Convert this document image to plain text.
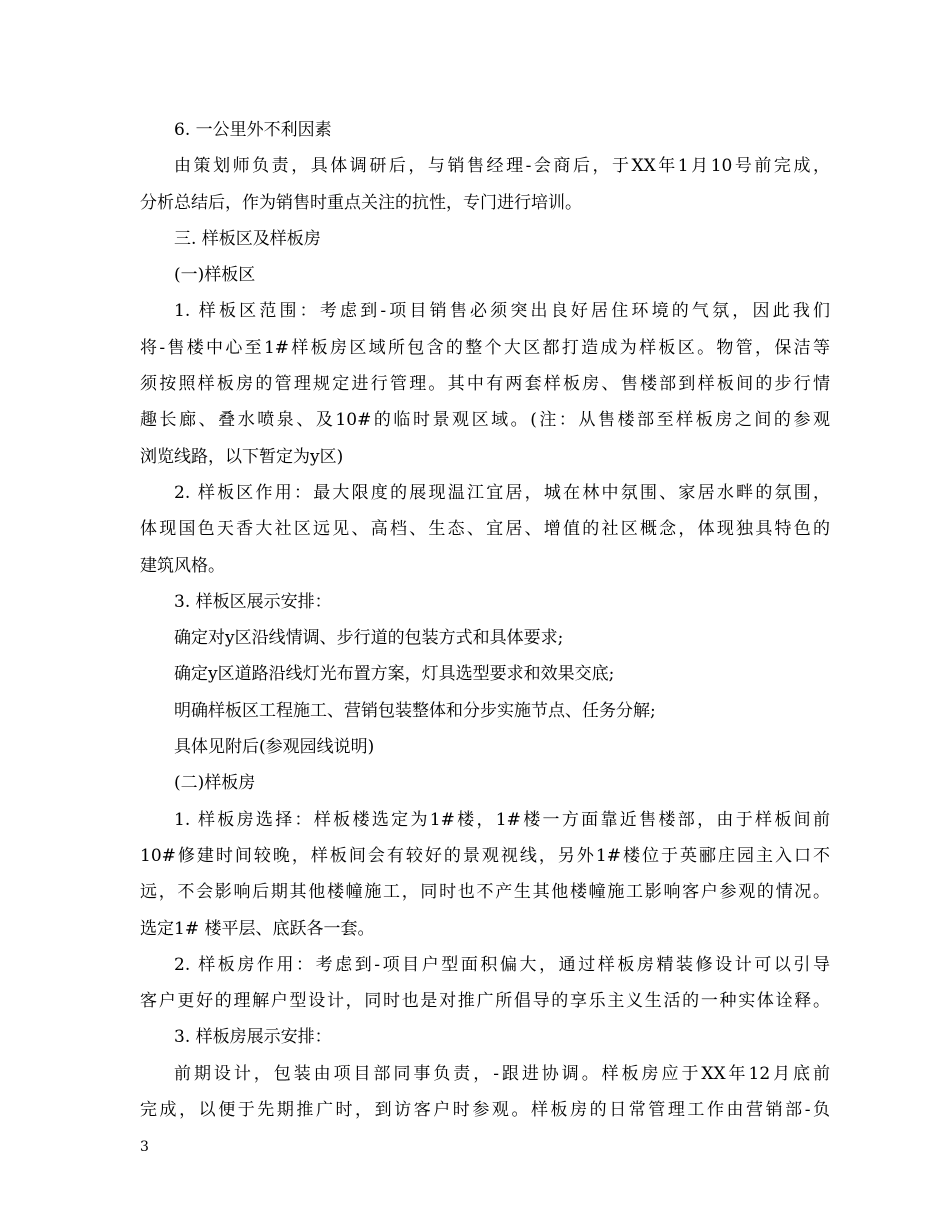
6. 一公里外不利因素
由策划师负责，具体调研后，与销售经理-会商后，于XX年1月10号前完成，
分析总结后，作为销售时重点关注的抗性，专门进行培训。
三. 样板区及样板房
(一)样板区
1. 样板区范围：考虑到-项目销售必须突出良好居住环境的气氛，因此我们
将-售楼中心至1#样板房区域所包含的整个大区都打造成为样板区。物管，保洁等
须按照样板房的管理规定进行管理。其中有两套样板房、售楼部到样板间的步行情
趣长廊、叠水喷泉、及10#的临时景观区域。(注：从售楼部至样板房之间的参观
浏览线路，以下暂定为y区)
2. 样板区作用：最大限度的展现温江宜居，城在林中氛围、家居水畔的氛围，
体现国色天香大社区远见、高档、生态、宜居、增值的社区概念，体现独具特色的
建筑风格。
3. 样板区展示安排：
确定对y区沿线情调、步行道的包装方式和具体要求;
确定y区道路沿线灯光布置方案，灯具选型要求和效果交底;
明确样板区工程施工、营销包装整体和分步实施节点、任务分解;
具体见附后(参观园线说明)
(二)样板房
1. 样板房选择：样板楼选定为1#楼，1#楼一方面靠近售楼部，由于样板间前
10#修建时间较晚，样板间会有较好的景观视线，另外1#楼位于英郦庄园主入口不
远，不会影响后期其他楼幢施工，同时也不产生其他楼幢施工影响客户参观的情况。
选定1# 楼平层、底跃各一套。
2. 样板房作用：考虑到-项目户型面积偏大，通过样板房精装修设计可以引导
客户更好的理解户型设计，同时也是对推广所倡导的享乐主义生活的一种实体诠释。
3. 样板房展示安排：
前期设计，包装由项目部同事负责，-跟进协调。样板房应于XX年12月底前
完成，以便于先期推广时，到访客户时参观。样板房的日常管理工作由营销部-负
3
